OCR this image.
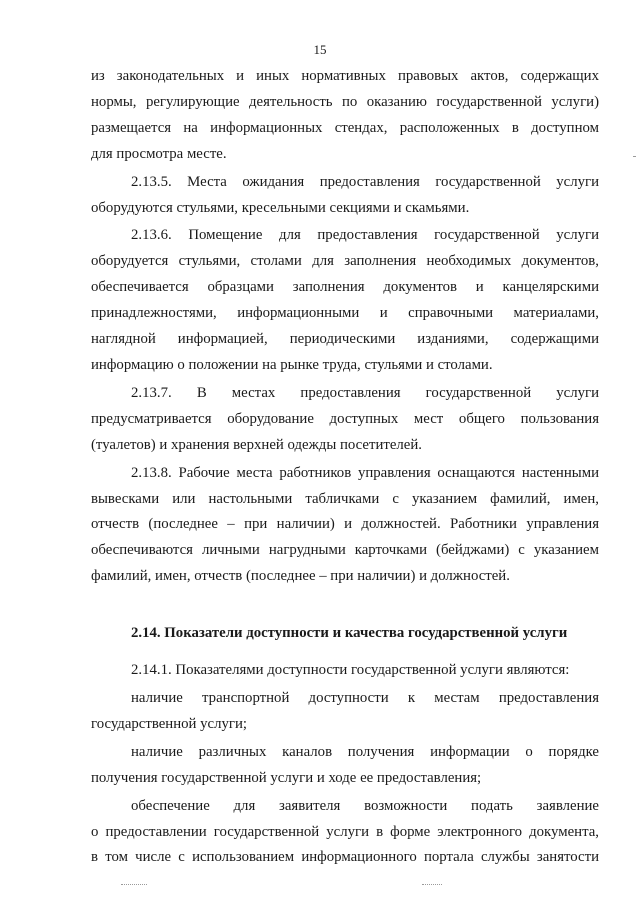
15

из законодательных и иных нормативных правовых актов, содержащих
нормы, регулирующие деятельность по оказанию государственной услуги)
размещается на информационных стендах, расположенных в доступном
для просмотра месте.

2.13.5. Места ожидания предоставления государственной услуги
оборудуются стульями, кресельными секциями и скамьями.

2.13.6. Помещение для предоставления государственной услуги
оборудуется стульями, столами для заполнения необходимых документов,
обеспечивается образцами заполнения документов и канцелярскими
принадлежностями, информационными и справочными материалами,
наглядной информацией, периодическими изданиями, содержащими
информацию о положении на рынке труда, стульями и столами.

2.13.7. В местах предоставления государственной услуги
предусматривается оборудование доступных мест общего пользования
(туалетов) и хранения верхней одежды посетителей.

2.13.8. Рабочие места работников управления оснащаются настенными
вывесками или настольными табличками с указанием фамилий, имен,
отчеств (последнее – при наличии) и должностей. Работники управления
обеспечиваются личными нагрудными карточками (бейджами) с указанием
фамилий, имен, отчеств (последнее – при наличии) и должностей.

2.14. Показатели доступности и качества государственной услуги

2.14.1. Показателями доступности государственной услуги являются:

наличие транспортной доступности к местам предоставления
государственной услуги;

наличие различных каналов получения информации о порядке
получения государственной услуги и ходе ее предоставления;

обеспечение для заявителя возможности подать заявление
о предоставлении государственной услуги в форме электронного документа,
в том числе с использованием информационного портала службы занятости
